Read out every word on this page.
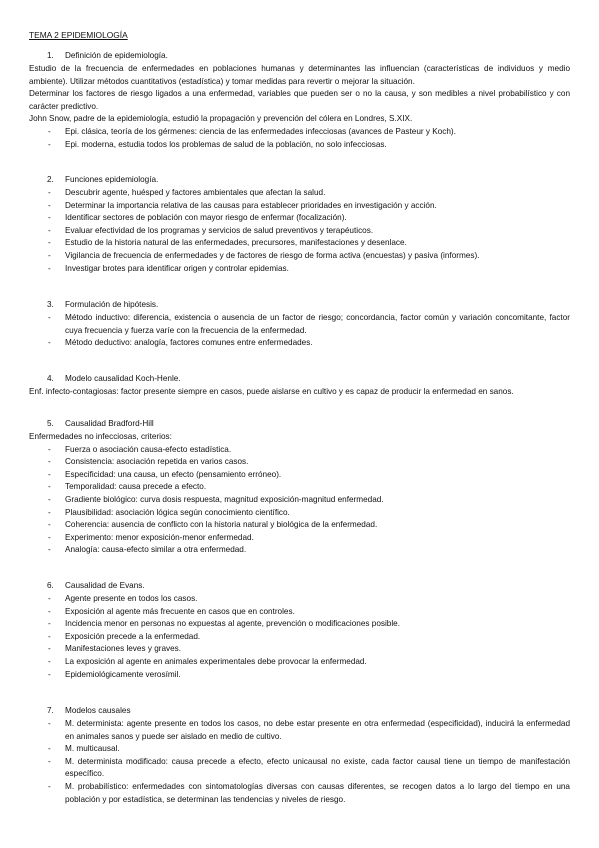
TEMA 2 EPIDEMIOLOGÍA
1. Definición de epidemiología.
Estudio de la frecuencia de enfermedades en poblaciones humanas y determinantes las influencian (características de individuos y medio ambiente). Utilizar métodos cuantitativos (estadística) y tomar medidas para revertir o mejorar la situación.
Determinar los factores de riesgo ligados a una enfermedad, variables que pueden ser o no la causa, y son medibles a nivel probabilístico y con carácter predictivo.
John Snow, padre de la epidemiología, estudió la propagación y prevención del cólera en Londres, S.XIX.
- Epi. clásica, teoría de los gérmenes: ciencia de las enfermedades infecciosas (avances de Pasteur y Koch).
- Epi. moderna, estudia todos los problemas de salud de la población, no solo infecciosas.
2. Funciones epidemiología.
- Descubrir agente, huésped y factores ambientales que afectan la salud.
- Determinar la importancia relativa de las causas para establecer prioridades en investigación y acción.
- Identificar sectores de población con mayor riesgo de enfermar (focalización).
- Evaluar efectividad de los programas y servicios de salud preventivos y terapéuticos.
- Estudio de la historia natural de las enfermedades, precursores, manifestaciones y desenlace.
- Vigilancia de frecuencia de enfermedades y de factores de riesgo de forma activa (encuestas) y pasiva (informes).
- Investigar brotes para identificar origen y controlar epidemias.
3. Formulación de hipótesis.
- Método inductivo: diferencia, existencia o ausencia de un factor de riesgo; concordancia, factor común y variación concomitante, factor cuya frecuencia y fuerza varíe con la frecuencia de la enfermedad.
- Método deductivo: analogía, factores comunes entre enfermedades.
4. Modelo causalidad Koch-Henle.
Enf. infecto-contagiosas: factor presente siempre en casos, puede aislarse en cultivo y es capaz de producir la enfermedad en sanos.
5. Causalidad Bradford-Hill
Enfermedades no infecciosas, criterios:
- Fuerza o asociación causa-efecto estadística.
- Consistencia: asociación repetida en varios casos.
- Especificidad: una causa, un efecto (pensamiento erróneo).
- Temporalidad: causa precede a efecto.
- Gradiente biológico: curva dosis respuesta, magnitud exposición-magnitud enfermedad.
- Plausibilidad: asociación lógica según conocimiento científico.
- Coherencia: ausencia de conflicto con la historia natural y biológica de la enfermedad.
- Experimento: menor exposición-menor enfermedad.
- Analogía: causa-efecto similar a otra enfermedad.
6. Causalidad de Evans.
- Agente presente en todos los casos.
- Exposición al agente más frecuente en casos que en controles.
- Incidencia menor en personas no expuestas al agente, prevención o modificaciones posible.
- Exposición precede a la enfermedad.
- Manifestaciones leves y graves.
- La exposición al agente en animales experimentales debe provocar la enfermedad.
- Epidemiológicamente verosímil.
7. Modelos causales
- M. determinista: agente presente en todos los casos, no debe estar presente en otra enfermedad (especificidad), inducirá la enfermedad en animales sanos y puede ser aislado en medio de cultivo.
- M. multicausal.
- M. determinista modificado: causa precede a efecto, efecto unicausal no existe, cada factor causal tiene un tiempo de manifestación específico.
- M. probabilístico: enfermedades con sintomatologías diversas con causas diferentes, se recogen datos a lo largo del tiempo en una población y por estadística, se determinan las tendencias y niveles de riesgo.
